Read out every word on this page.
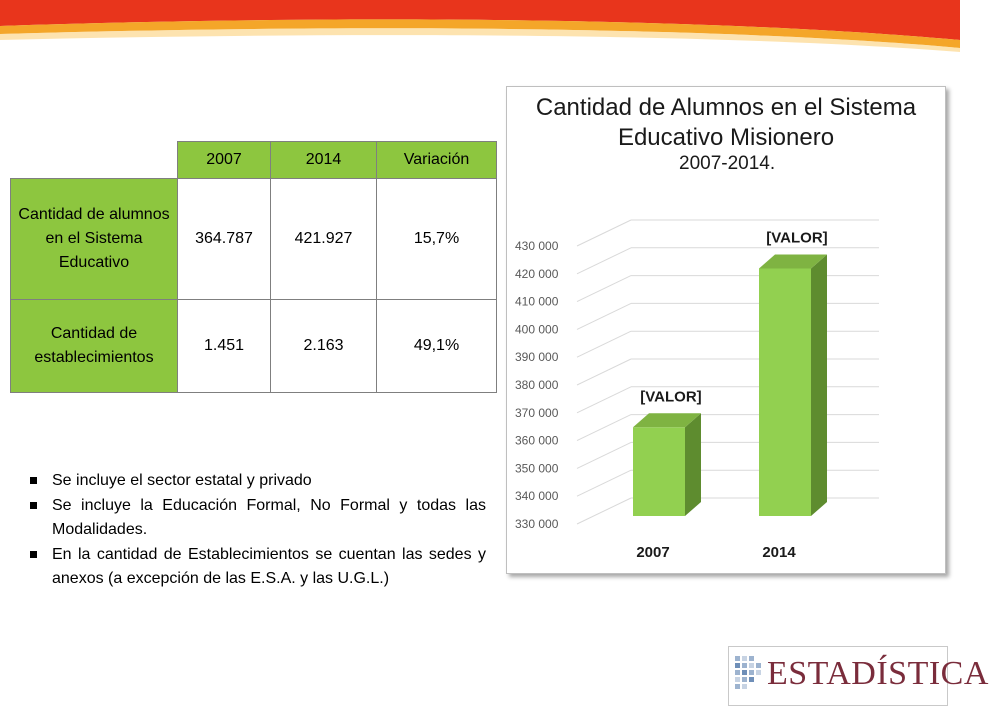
	2007	2014	Variación
Cantidad de alumnos en el Sistema Educativo	364.787	421.927	15,7%
Cantidad de establecimientos	1.451	2.163	49,1%
Se incluye el sector estatal y privado
Se incluye la Educación Formal, No Formal y todas las Modalidades.
En la cantidad de Establecimientos se cuentan las sedes y anexos (a excepción de las E.S.A. y las U.G.L.)
Cantidad de Alumnos en el Sistema Educativo Misionero
2007-2014.
330 000
340 000
350 000
360 000
370 000
380 000
390 000
400 000
410 000
420 000
430 000
[VALOR]
2007
[VALOR]
2014
ESTADÍSTICA
